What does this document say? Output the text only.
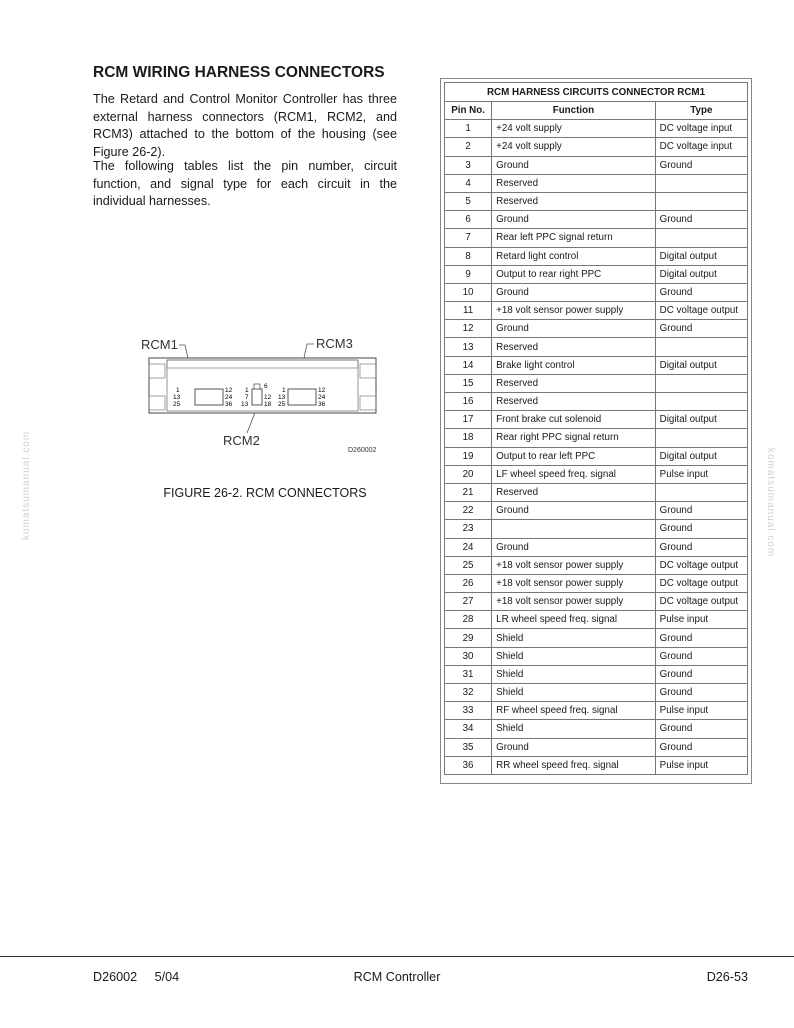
RCM WIRING HARNESS CONNECTORS

The Retard and Control Monitor Controller has three external harness connectors (RCM1, RCM2, and RCM3) attached to the bottom of the housing (see Figure 26-2).

The following tables list the pin number, circuit function, and signal type for each circuit in the individual harnesses.

RCM1	RCM3
RCM2
D260002
1
13
25
12
24
36
1
7
13
6
12
18
1
13
25
12
24
36
FIGURE 26-2. RCM CONNECTORS
RCM HARNESS CIRCUITS CONNECTOR RCM1		
Pin No.	Function	Type
1	+24 volt supply	DC voltage input
2	+24 volt supply	DC voltage input
3	Ground	Ground
4	Reserved	
5	Reserved	
6	Ground	Ground
7	Rear left PPC signal return	
8	Retard light control	Digital output
9	Output to rear right PPC	Digital output
10	Ground	Ground
11	+18 volt sensor power supply	DC voltage output
12	Ground	Ground
13	Reserved	
14	Brake light control	Digital output
15	Reserved	
16	Reserved	
17	Front brake cut solenoid	Digital output
18	Rear right PPC signal return	
19	Output to rear left PPC	Digital output
20	LF wheel speed freq. signal	Pulse input
21	Reserved	
22	Ground	Ground
23		Ground
24	Ground	Ground
25	+18 volt sensor power supply	DC voltage output
26	+18 volt sensor power supply	DC voltage output
27	+18 volt sensor power supply	DC voltage output
28	LR wheel speed freq. signal	Pulse input
29	Shield	Ground
30	Shield	Ground
31	Shield	Ground
32	Shield	Ground
33	RF wheel speed freq. signal	Pulse input
34	Shield	Ground
35	Ground	Ground
36	RR wheel speed freq. signal	Pulse input
komatsumanual.com	komatsumanual.com
D26002     5/04	RCM Controller	D26-53
